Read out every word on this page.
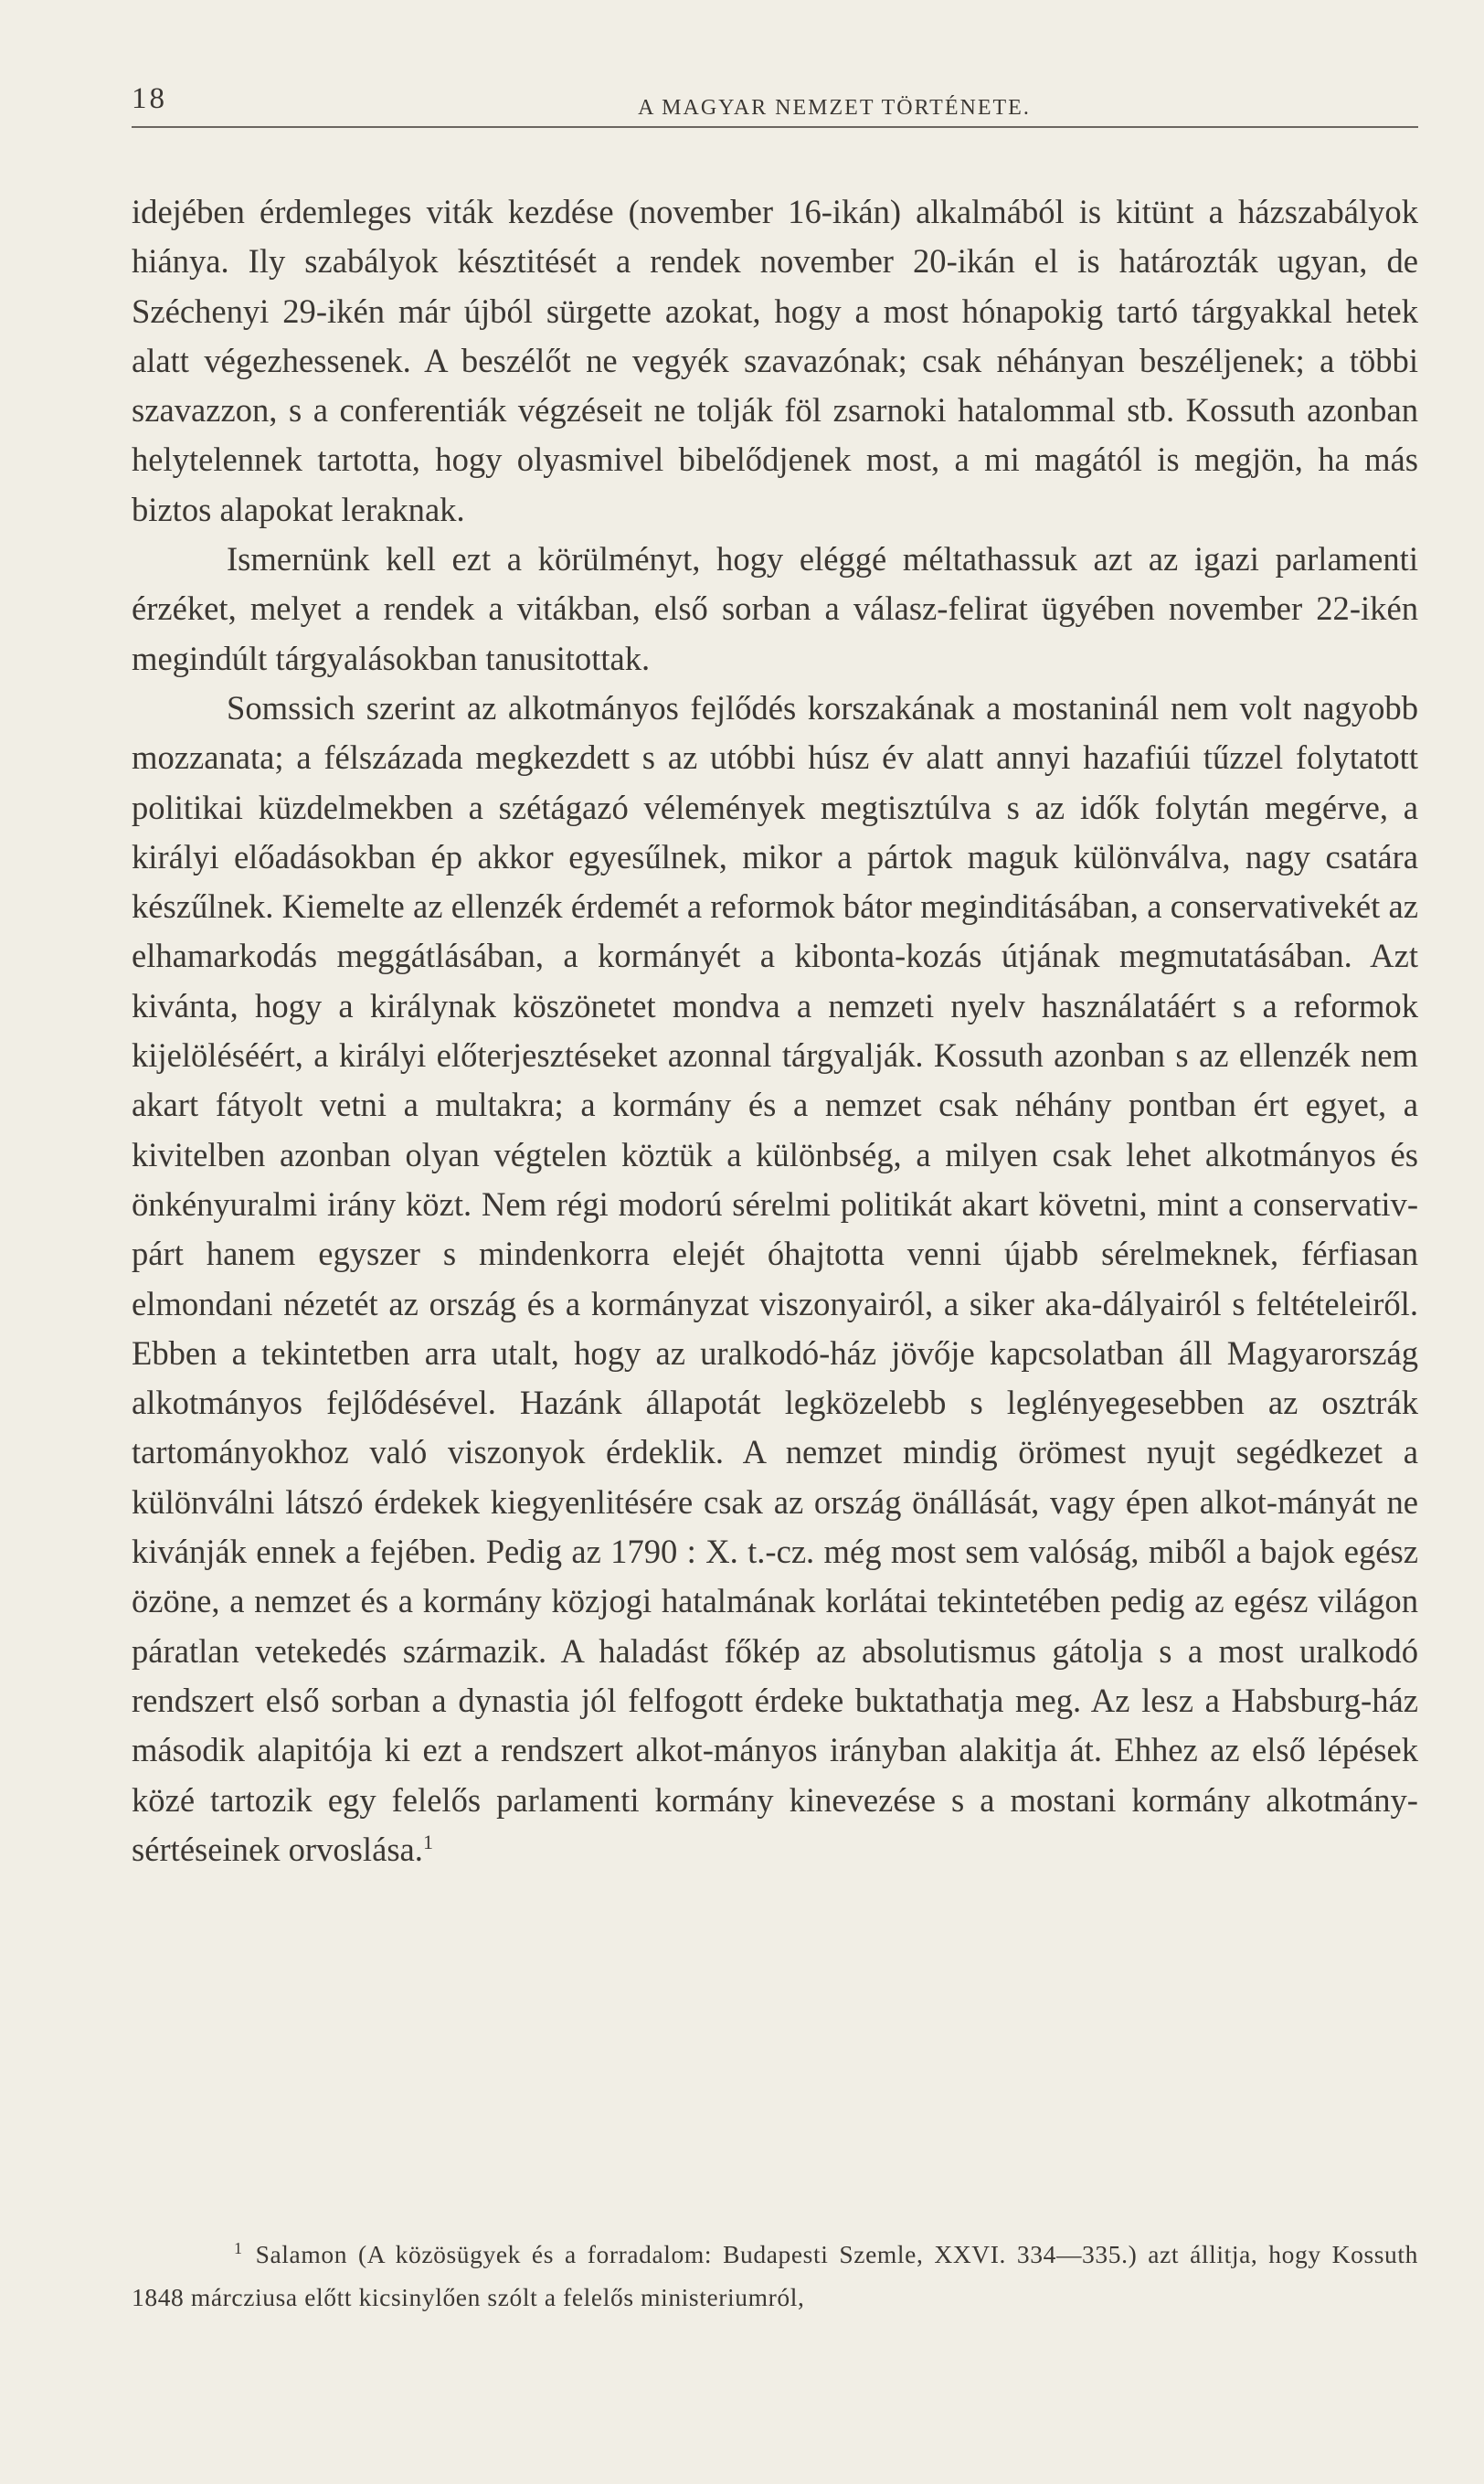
18	A MAGYAR NEMZET TÖRTÉNETE.

idejében érdemleges viták kezdése (november 16-ikán) alkalmából is kitünt a házszabályok hiánya. Ily szabályok késztitését a rendek november 20-ikán el is határozták ugyan, de Széchenyi 29-ikén már újból sürgette azokat, hogy a most hónapokig tartó tárgyakkal hetek alatt végezhessenek. A beszélőt ne vegyék szavazónak; csak néhányan beszéljenek; a többi szavazzon, s a conferentiák végzéseit ne tolják föl zsarnoki hatalommal stb. Kossuth azonban helytelennek tartotta, hogy olyasmivel bibelődjenek most, a mi magától is megjön, ha más biztos alapokat leraknak.

Ismernünk kell ezt a körülményt, hogy eléggé méltathassuk azt az igazi parlamenti érzéket, melyet a rendek a vitákban, első sorban a válasz-felirat ügyében november 22-ikén megindúlt tárgyalásokban tanusitottak.

Somssich szerint az alkotmányos fejlődés korszakának a mostaninál nem volt nagyobb mozzanata; a félszázada megkezdett s az utóbbi húsz év alatt annyi hazafiúi tűzzel folytatott politikai küzdelmekben a szétágazó vélemények megtisztúlva s az idők folytán megérve, a királyi előadásokban ép akkor egyesűlnek, mikor a pártok maguk különválva, nagy csatára készűlnek. Kiemelte az ellenzék érdemét a reformok bátor meginditásában, a conservativekét az elhamarkodás meggátlásában, a kormányét a kibonta-kozás útjának megmutatásában. Azt kivánta, hogy a királynak köszönetet mondva a nemzeti nyelv használatáért s a reformok kijelöléséért, a királyi előterjesztéseket azonnal tárgyalják. Kossuth azonban s az ellenzék nem akart fátyolt vetni a multakra; a kormány és a nemzet csak néhány pontban ért egyet, a kivitelben azonban olyan végtelen köztük a különbség, a milyen csak lehet alkotmányos és önkényuralmi irány közt. Nem régi modorú sérelmi politikát akart követni, mint a conservativ-párt hanem egyszer s mindenkorra elejét óhajtotta venni újabb sérelmeknek, férfiasan elmondani nézetét az ország és a kormányzat viszonyairól, a siker aka-dályairól s feltételeiről. Ebben a tekintetben arra utalt, hogy az uralkodó-ház jövője kapcsolatban áll Magyarország alkotmányos fejlődésével. Hazánk állapotát legközelebb s leglényegesebben az osztrák tartományokhoz való viszonyok érdeklik. A nemzet mindig örömest nyujt segédkezet a különválni látszó érdekek kiegyenlitésére csak az ország önállását, vagy épen alkot-mányát ne kivánják ennek a fejében. Pedig az 1790 : X. t.-cz. még most sem valóság, miből a bajok egész özöne, a nemzet és a kormány közjogi hatalmának korlátai tekintetében pedig az egész világon páratlan vetekedés származik. A haladást főkép az absolutismus gátolja s a most uralkodó rendszert első sorban a dynastia jól felfogott érdeke buktathatja meg. Az lesz a Habsburg-ház második alapitója ki ezt a rendszert alkot-mányos irányban alakitja át. Ehhez az első lépések közé tartozik egy felelős parlamenti kormány kinevezése s a mostani kormány alkotmány-sértéseinek orvoslása.$^1$

$^1$ Salamon (A közösügyek és a forradalom: Budapesti Szemle, XXVI. 334—335.) azt állitja, hogy Kossuth 1848 márcziusa előtt kicsinylően szólt a felelős ministeriumról,
